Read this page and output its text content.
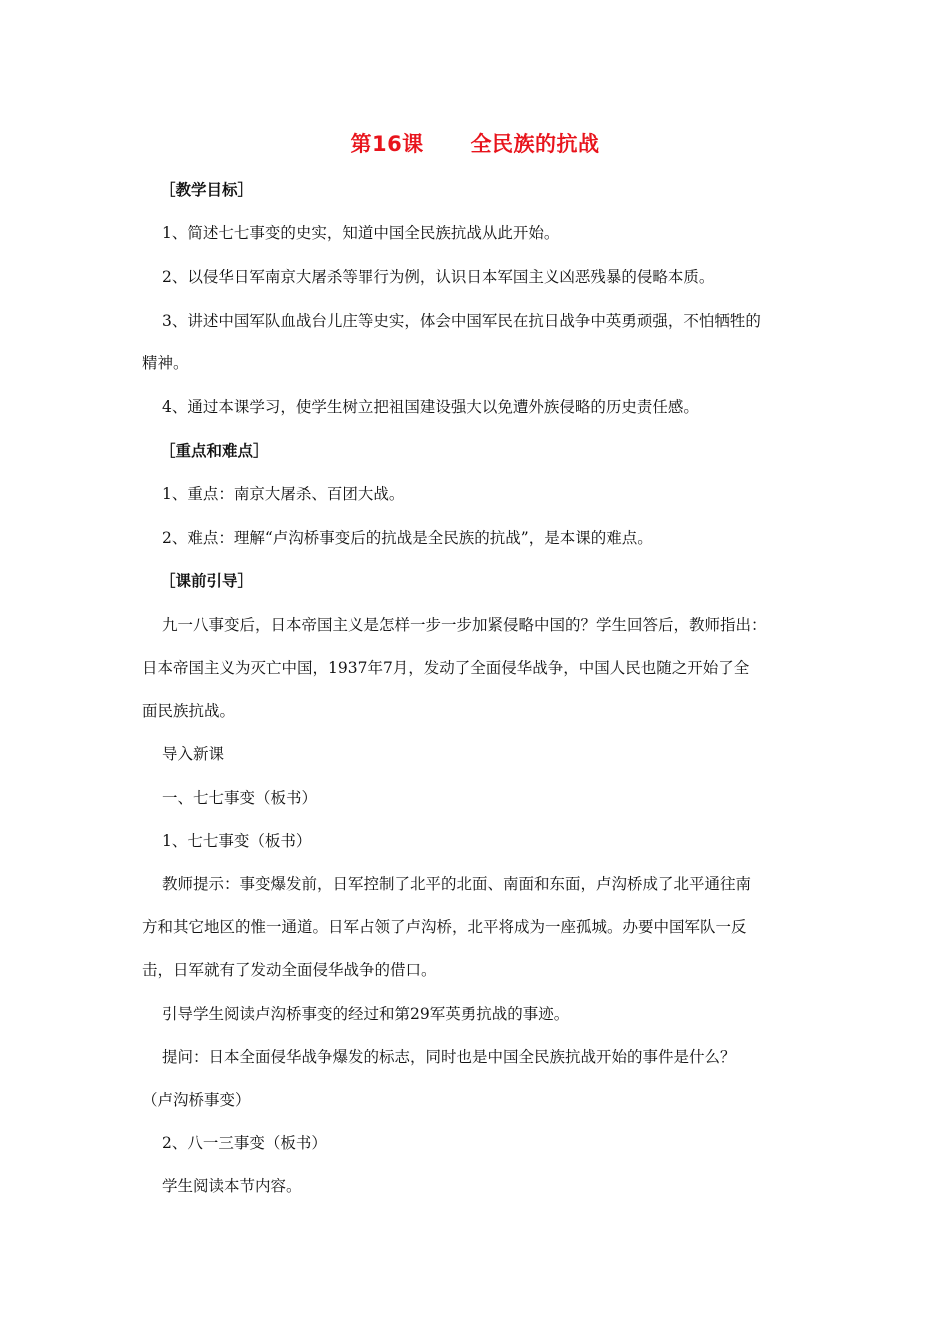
第16课      全民族的抗战
［教学目标］
1、简述七七事变的史实，知道中国全民族抗战从此开始。
2、以侵华日军南京大屠杀等罪行为例，认识日本军国主义凶恶残暴的侵略本质。
3、讲述中国军队血战台儿庄等史实，体会中国军民在抗日战争中英勇顽强，不怕牺牲的
精神。
4、通过本课学习，使学生树立把祖国建设强大以免遭外族侵略的历史责任感。
［重点和难点］
1、重点：南京大屠杀、百团大战。
2、难点：理解“卢沟桥事变后的抗战是全民族的抗战”，是本课的难点。
［课前引导］
九一八事变后，日本帝国主义是怎样一步一步加紧侵略中国的？学生回答后，教师指出：
日本帝国主义为灭亡中国，1937年7月，发动了全面侵华战争，中国人民也随之开始了全
面民族抗战。
导入新课
一、七七事变（板书）
1、七七事变（板书）
教师提示：事变爆发前，日军控制了北平的北面、南面和东面，卢沟桥成了北平通往南
方和其它地区的惟一通道。日军占领了卢沟桥，北平将成为一座孤城。办要中国军队一反
击，日军就有了发动全面侵华战争的借口。
引导学生阅读卢沟桥事变的经过和第29军英勇抗战的事迹。
提问：日本全面侵华战争爆发的标志，同时也是中国全民族抗战开始的事件是什么？
（卢沟桥事变）
2、八一三事变（板书）
学生阅读本节内容。
